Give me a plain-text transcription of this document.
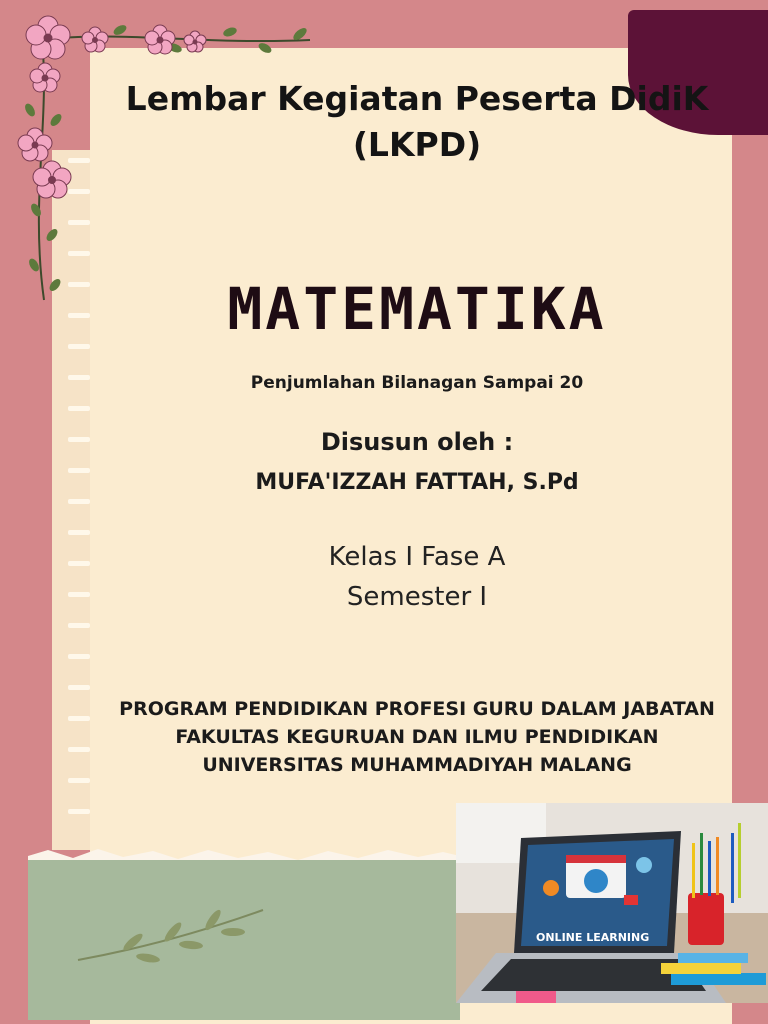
Lembar Kegiatan Peserta DidiK
(LKPD)
MATEMATIKA
Penjumlahan Bilanagan Sampai 20
Disusun oleh :
MUFA'IZZAH FATTAH, S.Pd
Kelas I Fase A
Semester I
PROGRAM PENDIDIKAN PROFESI GURU DALAM JABATAN
FAKULTAS KEGURUAN DAN ILMU PENDIDIKAN
UNIVERSITAS MUHAMMADIYAH MALANG
ONLINE LEARNING
